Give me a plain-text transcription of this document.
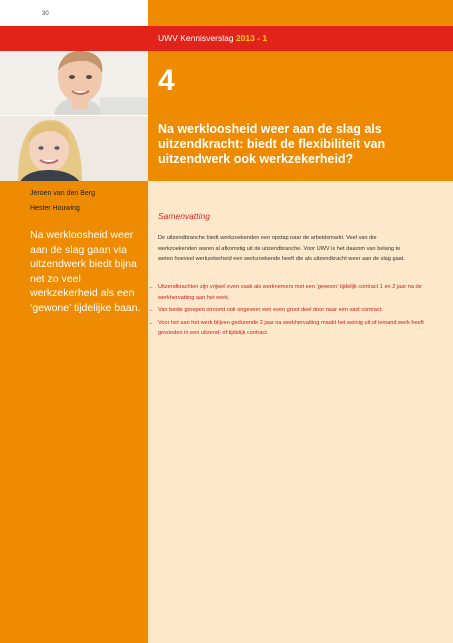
30
UWV Kennisverslag 2013 - 1
4
Na werkloosheid weer aan de slag als uitzendkracht: biedt de flexibiliteit van uitzendwerk ook werkzekerheid?
Jeroen van den Berg
Hester Houwing
Na werkloosheid weer aan de slag gaan via uitzendwerk biedt bijna net zo veel werkzekerheid als een ‘gewone’ tijdelijke baan.
Samenvatting
De uitzendbranche biedt werkzoekenden een opstap naar de arbeidsmarkt. Veel van die werkzoekenden waren al afkomstig uit de uitzendbranche. Voor UWV is het daarom van belang te weten hoeveel werkzekerheid een werkzoekende heeft die als uitzendkracht weer aan de slag gaat.
→ Uitzendkrachten zijn vrijwel even vaak als werknemers met een ‘gewoon’ tijdelijk contract 1 en 2 jaar na de werkhervatting aan het werk.
→ Van beide groepen stroomt ook ongeveer een even groot deel door naar een vast contract.
→ Voor het aan het werk blijven gedurende 2 jaar na werkhervatting maakt het weinig uit of iemand werk heeft gevonden in een uitzend- of tijdelijk contract.
